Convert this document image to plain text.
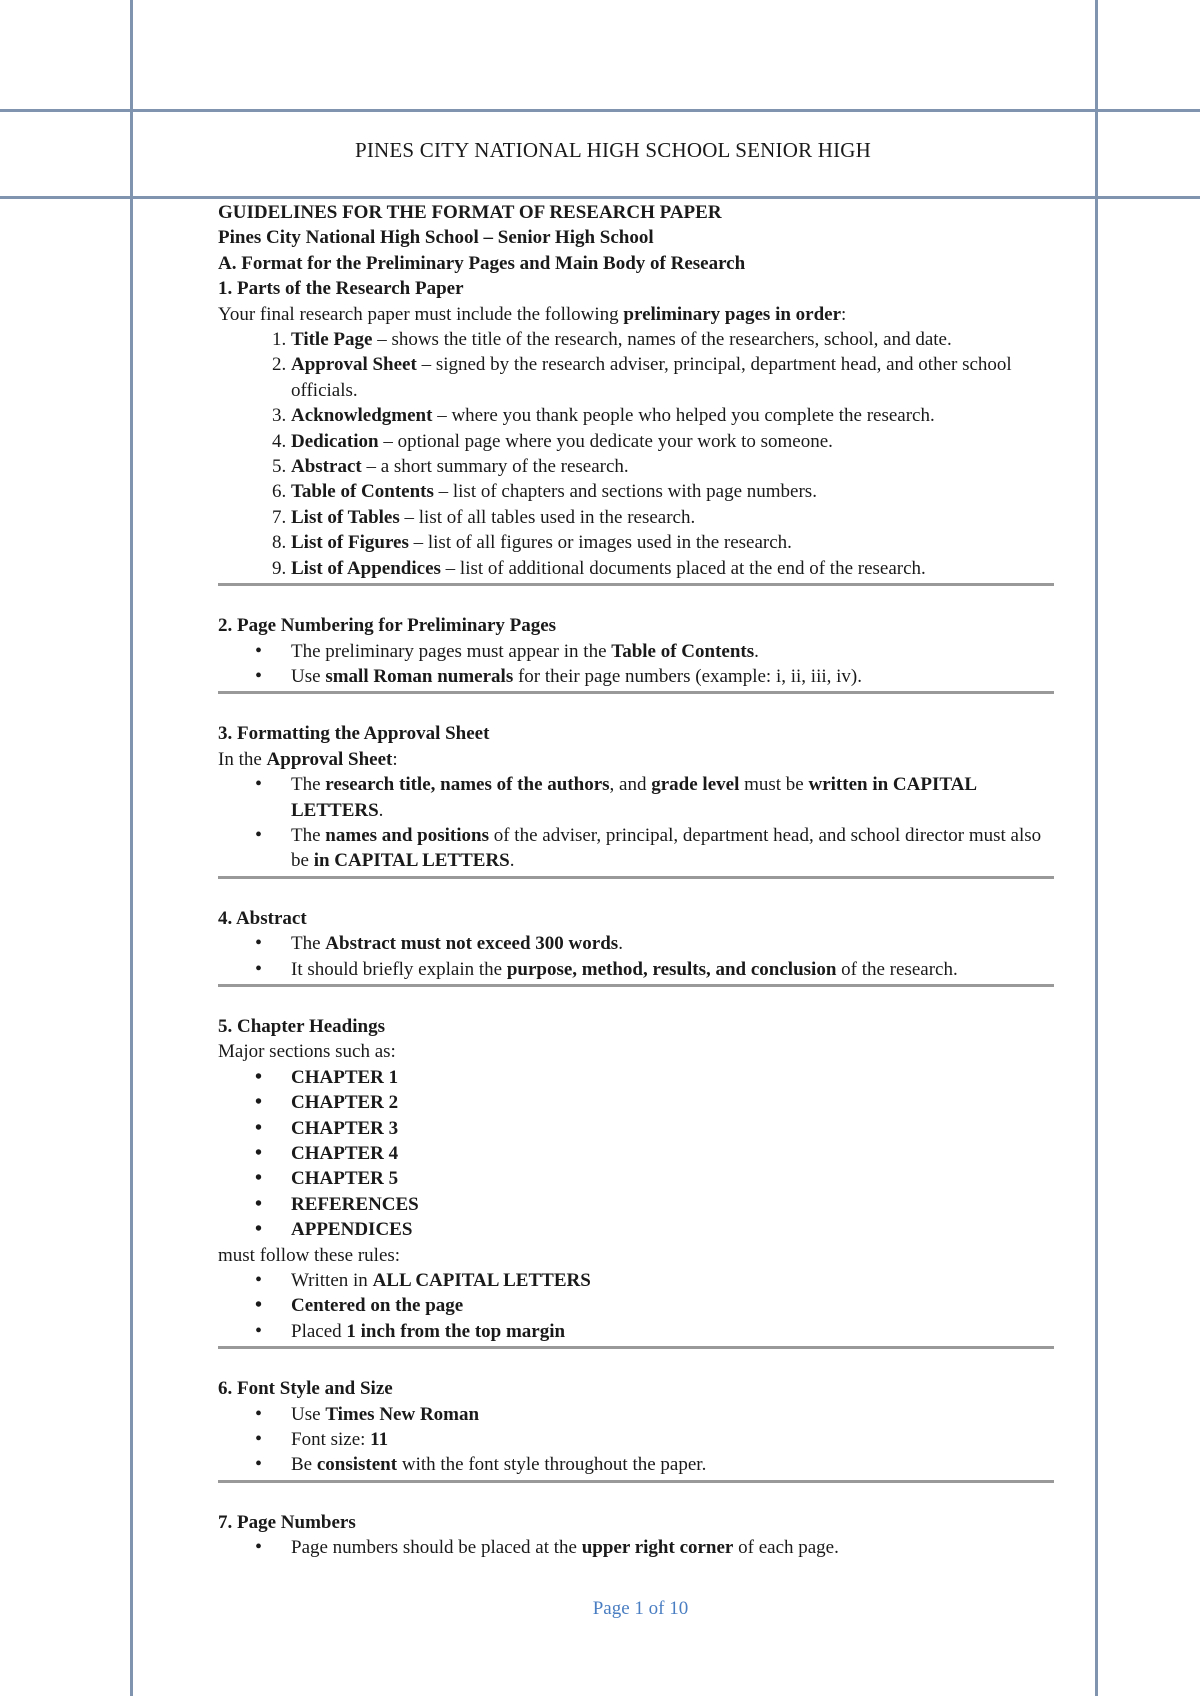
PINES CITY NATIONAL HIGH SCHOOL SENIOR HIGH

GUIDELINES FOR THE FORMAT OF RESEARCH PAPER

Pines City National High School – Senior High School

A. Format for the Preliminary Pages and Main Body of Research

1. Parts of the Research Paper

Your final research paper must include the following preliminary pages in order:

1. Title Page – shows the title of the research, names of the researchers, school, and date.
2. Approval Sheet – signed by the research adviser, principal, department head, and other school officials.
3. Acknowledgment – where you thank people who helped you complete the research.
4. Dedication – optional page where you dedicate your work to someone.
5. Abstract – a short summary of the research.
6. Table of Contents – list of chapters and sections with page numbers.
7. List of Tables – list of all tables used in the research.
8. List of Figures – list of all figures or images used in the research.
9. List of Appendices – list of additional documents placed at the end of the research.

2. Page Numbering for Preliminary Pages

• The preliminary pages must appear in the Table of Contents.
• Use small Roman numerals for their page numbers (example: i, ii, iii, iv).

3. Formatting the Approval Sheet

In the Approval Sheet:

• The research title, names of the authors, and grade level must be written in CAPITAL LETTERS.
• The names and positions of the adviser, principal, department head, and school director must also be in CAPITAL LETTERS.

4. Abstract

• The Abstract must not exceed 300 words.
• It should briefly explain the purpose, method, results, and conclusion of the research.

5. Chapter Headings

Major sections such as:

• CHAPTER 1
• CHAPTER 2
• CHAPTER 3
• CHAPTER 4
• CHAPTER 5
• REFERENCES
• APPENDICES

must follow these rules:

• Written in ALL CAPITAL LETTERS
• Centered on the page
• Placed 1 inch from the top margin

6. Font Style and Size

• Use Times New Roman
• Font size: 11
• Be consistent with the font style throughout the paper.

7. Page Numbers

• Page numbers should be placed at the upper right corner of each page.
Page 1 of 10
